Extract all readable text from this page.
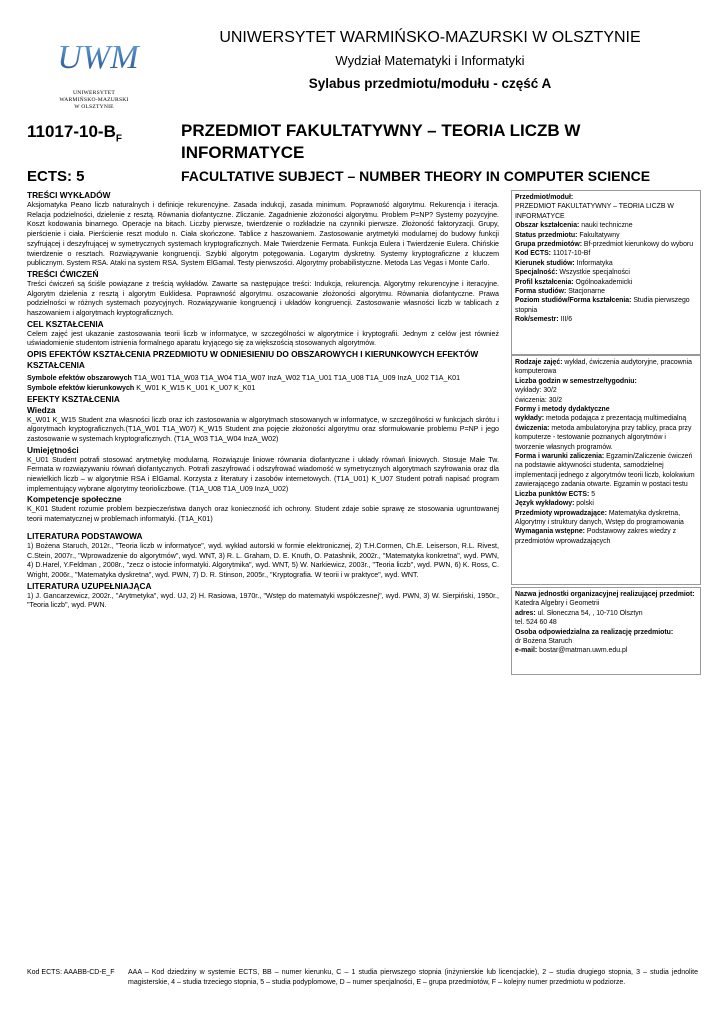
UWM
UNIWERSYTET
WARMIŃSKO-MAZURSKI
W OLSZTYNIE
UNIWERSYTET WARMIŃSKO-MAZURSKI W OLSZTYNIE
Wydział Matematyki i Informatyki
Sylabus przedmiotu/modułu - część A
$11017-10-B_F$	PRZEDMIOT FAKULTATYWNY – TEORIA LICZB W INFORMATYCE
ECTS: 5	FACULTATIVE SUBJECT – NUMBER THEORY IN COMPUTER SCIENCE
TREŚCI WYKŁADÓW

Aksjomatyka Peano liczb naturalnych i definicje rekurencyjne. Zasada indukcji, zasada minimum. Poprawność algorytmu. Rekurencja i iteracja. Relacja podzielności, dzielenie z resztą. Równania diofantyczne. Zliczanie. Zagadnienie złożoności algorytmu. Problem P=NP? Systemy pozycyjne. Koszt kodowania binarnego. Operacje na bitach. Liczby pierwsze, twierdzenie o rozkładzie na czynniki pierwsze. Złożoność faktoryzacji. Grupy, pierścienie i ciała. Pierścienie reszt modulo n. Ciała skończone. Tablice z haszowaniem. Zastosowanie arytmetyki modularnej do budowy funkcji szyfrującej i deszyfrującej w symetrycznych systemach kryptograficznych. Małe Twierdzenie Fermata. Funkcja Eulera i Twierdzenie Eulera. Chińskie twierdzenie o resztach. Rozwiązywanie kongruencji. Szybki algorytm potęgowania. Logarytm dyskretny. Systemy kryptograficzne z kluczem publicznym. System RSA. Ataki na system RSA. System ElGamal. Testy pierwszości. Algorytmy probabilistyczne. Metoda Las Vegas i Monte Carlo.

TREŚCI ĆWICZEŃ

Treści ćwiczeń są ściśle powiązane z treścią wykładów. Zawarte sa następujące treści: Indukcja, rekurencja. Algorytmy rekurencyjne i iteracyjne. Algorytm dzielenia z resztą i algorytm Euklidesa. Poprawność algorytmu. oszacowanie złożoności algorytmu. Równania diofantyczne. Prawa podzielności w różnych systemach pozycyjnych. Rozwiązywanie kongruencji i układów kongruencji. Zastosowanie własności liczb w tablicach z haszowaniem i algorytmach kryptograficznych.

CEL KSZTAŁCENIA

Celem zajęć jest ukazanie zastosowania teorii liczb w informatyce, w szczególności w algorytmice i kryptografii. Jednym z celów jest również uświadomienie studentom istnienia formalnego aparatu kryjącego się za większością stosowanych algorytmów.

OPIS EFEKTÓW KSZTAŁCENIA PRZEDMIOTU W ODNIESIENIU DO OBSZAROWYCH I KIERUNKOWYCH EFEKTÓW KSZTAŁCENIA

Symbole efektów obszarowych T1A_W01 T1A_W03 T1A_W04 T1A_W07 InzA_W02 T1A_U01 T1A_U08 T1A_U09 InzA_U02 T1A_K01

Symbole efektów kierunkowych K_W01 K_W15 K_U01 K_U07 K_K01

EFEKTY KSZTAŁCENIA
Wiedza

K_W01 K_W15 Student zna własności liczb oraz ich zastosowania w algorytmach stosowanych w informatyce, w szczególności w funkcjach skrótu i algorytmach kryptograficznych.(T1A_W01 T1A_W07) K_W15 Student zna pojęcie złożoności algorytmu oraz sformułowanie problemu P=NP i jego zastosowanie w systemach kryptograficznych. (T1A_W03 T1A_W04 InzA_W02)

Umiejętności

K_U01 Student potrafi stosować arytmetykę modularną. Rozwiązuje liniowe równania diofantyczne i układy równań liniowych. Stosuje Małe Tw. Fermata w rozwiązywaniu równań diofantycznych. Potrafi zaszyfrować i odszyfrować wiadomość w symetrycznych algorytmach szyfrowania oraz dla niewielkich liczb – w algorytmie RSA i ElGamal. Korzysta z literatury i zasobów internetowych. (T1A_U01) K_U07 Student potrafi napisać program implementujący wybrane algorytmy teorioliczbowe. (T1A_U08 T1A_U09 InzA_U02)

Kompetencje społeczne

K_K01 Student rozumie problem bezpieczeństwa danych oraz konieczność ich ochrony. Student zdaje sobie sprawę ze stosowania ugruntowanej teorii matematycznej w problemach informatyki. (T1A_K01)

LITERATURA PODSTAWOWA

1) Bożena Staruch, 2012r., "Teoria liczb w informatyce", wyd. wykład autorski w formie elektronicznej, 2) T.H.Cormen, Ch.E. Leiserson, R.L. Rivest, C.Stein, 2007r., "Wprowadzenie do algorytmów", wyd. WNT, 3) R. L. Graham, D. E. Knuth, O. Patashnik, 2002r., "Matematyka konkretna", wyd. PWN, 4) D.Harel, Y.Feldman , 2008r., "zecz o istocie informatyki. Algorytmika", wyd. WNT, 5) W. Narkiewicz, 2003r., "Teoria liczb", wyd. PWN, 6) K. Ross, C. Wright, 2006r., "Matematyka dyskretna", wyd. PWN, 7) D. R. Stinson, 2005r., "Kryptografia. W teorii i w praktyce", wyd. WNT.

LITERATURA UZUPEŁNIAJĄCA

1) J. Gancarzewicz, 2002r., "Arytmetyka", wyd. UJ, 2) H. Rasiowa, 1970r., "Wstęp do matematyki współczesnej", wyd. PWN, 3) W. Sierpiński, 1950r., "Teoria liczb", wyd. PWN.

Przedmiot/moduł:
PRZEDMIOT FAKULTATYWNY – TEORIA LICZB W INFORMATYCE
Obszar kształcenia: nauki techniczne
Status przedmiotu: Fakultatywny
Grupa przedmiotów: Bf-przedmiot kierunkowy do wyboru
Kod ECTS: 11017-10-Bf
Kierunek studiów: Informatyka
Specjalność: Wszystkie specjalności
Profil kształcenia: Ogólnoakademicki
Forma studiów: Stacjonarne
Poziom studiów/Forma kształcenia: Studia pierwszego stopnia
Rok/semestr: III/6
Rodzaje zajęć: wykład, ćwiczenia audytoryjne, pracownia komputerowa
Liczba godzin w semestrze/tygodniu:
wykłady: 30/2
ćwiczenia: 30/2
Formy i metody dydaktyczne
wykłady: metoda podająca z prezentacją multimedialną
ćwiczenia: metoda ambulatoryjna przy tablicy, praca przy komputerze - testowanie poznanych algorytmów i tworzenie własnych programów.
Forma i warunki zaliczenia: Egzamin/Zaliczenie ćwiczeń na podstawie aktywności studenta, samodzielnej implementacji jednego z algorytmów teorii liczb, kolokwium zawierającego zadania otwarte. Egzamin w postaci testu
Liczba punktów ECTS: 5
Język wykładowy: polski
Przedmioty wprowadzające: Matematyka dyskretna, Algorytmy i struktury danych, Wstęp do programowania
Wymagania wstępne: Podstawowy zakres wiedzy z przedmiotów wprowadzających
Nazwa jednostki organizacyjnej realizującej przedmiot:
Katedra Algebry i Geometrii
adres: ul. Słoneczna 54, , 10-710 Olsztyn
tel. 524 60 48
Osoba odpowiedzialna za realizację przedmiotu:
dr Bożena Staruch
e-mail: bostar@matman.uwm.edu.pl
Kod ECTS: AAABB-CD-E_F	AAA – Kod dziedziny w systemie ECTS, BB – numer kierunku, C – 1 studia pierwszego stopnia (inżynierskie lub licencjackie), 2 – studia drugiego stopnia, 3 – studia jednolite magisterskie, 4 – studia trzeciego stopnia, 5 – studia podyplomowe, D – numer specjalności, E – grupa przedmiotów, F – kolejny numer przedmiotu w podziorze.
